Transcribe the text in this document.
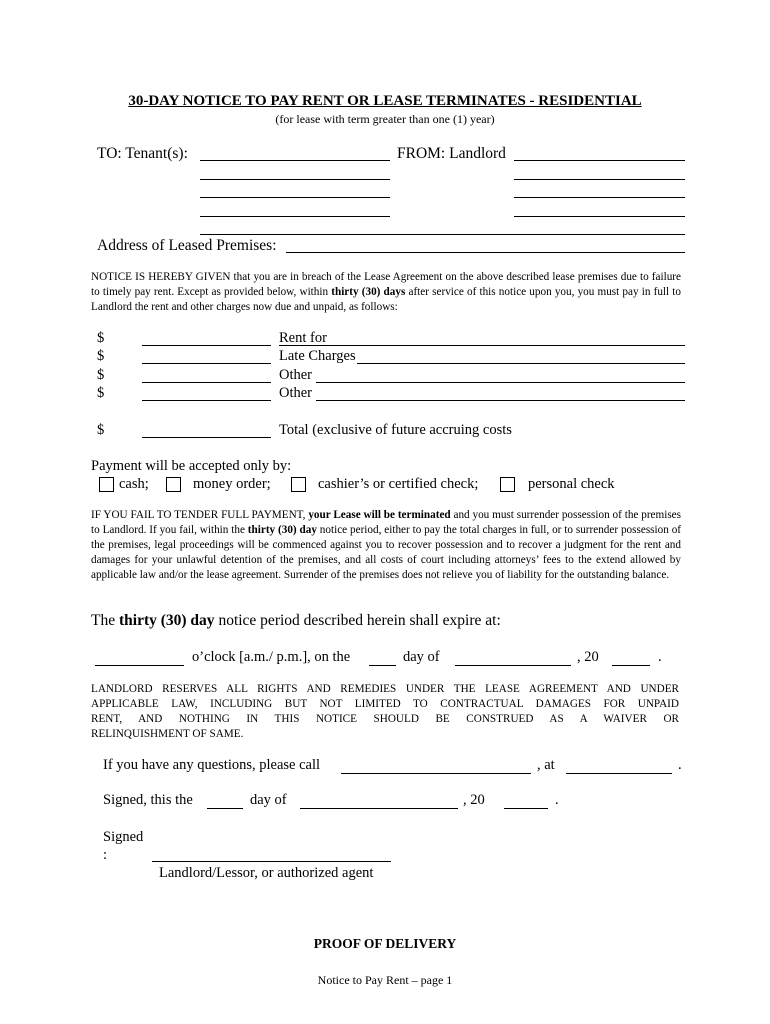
30-DAY NOTICE TO PAY RENT OR LEASE TERMINATES - RESIDENTIAL
(for lease with term greater than one (1) year)
TO: Tenant(s):	FROM: Landlord
Address of Leased Premises:
NOTICE IS HEREBY GIVEN that you are in breach of the Lease Agreement on the above described lease premises due to failure to timely pay rent. Except as provided below, within thirty (30) days after service of this notice upon you, you must pay in full to Landlord the rent and other charges now due and unpaid, as follows:
$	Rent for
$	Late Charges
$	Other
$	Other
$	Total (exclusive of future accruing costs
Payment will be accepted only by:
cash;	money order;	cashier’s or certified check;	personal check
IF YOU FAIL TO TENDER FULL PAYMENT, your Lease will be terminated and you must surrender possession of the premises to Landlord. If you fail, within the thirty (30) day notice period, either to pay the total charges in full, or to surrender possession of the premises, legal proceedings will be commenced against you to recover possession and to recover a judgment for the rent and damages for your unlawful detention of the premises, and all costs of court including attorneys’ fees to the extend allowed by applicable law and/or the lease agreement. Surrender of the premises does not relieve you of liability for the outstanding balance.
The thirty (30) day notice period described herein shall expire at:
o’clock [a.m./ p.m.], on the	day of	, 20	.
LANDLORD RESERVES ALL RIGHTS AND REMEDIES UNDER THE LEASE AGREEMENT AND UNDER
APPLICABLE LAW, INCLUDING BUT NOT LIMITED TO CONTRACTUAL DAMAGES FOR UNPAID
RENT, AND NOTHING IN THIS NOTICE SHOULD BE CONSTRUED AS A WAIVER OR
RELINQUISHMENT OF SAME.
If you have any questions, please call	, at	.
Signed, this the	day of	, 20	.
Signed
:
Landlord/Lessor, or authorized agent
PROOF OF DELIVERY
Notice to Pay Rent – page 1
